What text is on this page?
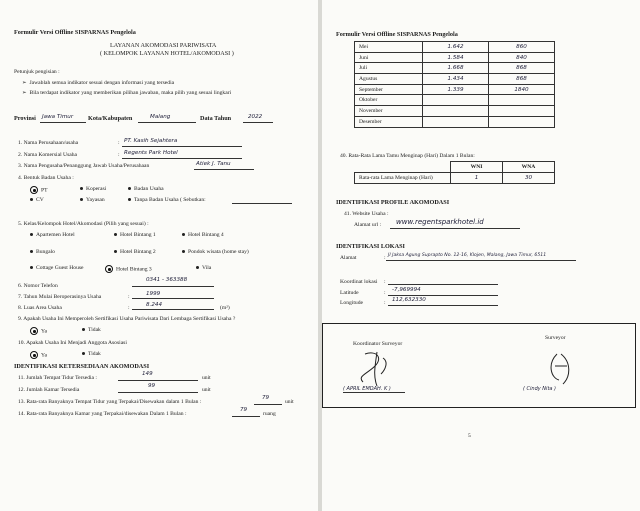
Formulir Versi Offline SISPARNAS Pengelola
LAYANAN AKOMODASI PARIWISATA
( KELOMPOK LAYANAN HOTEL/AKOMODASI )
Petunjuk pengisian :
➢  Jawablah semua indikator sesuai dengan informasi yang tersedia
➢  Bila terdapat indikator yang memberikan pilihan jawaban, maka pilih yang sesuai lingkari
Provinsi Jawa Timur Kota/Kabupaten	Malang	Data Tahun	2022
1. Nama Perusahaan/usaha	: PT. Kasih Sejahtera
2. Nama Komersial Usaha	: Regents Park Hotel
3. Nama Pengusaha/Penanggung Jawab Usaha/Perusahaan	Atiek J. Tanu
4. Bentuk Badan Usaha :
PT	Koperasi	Badan Usaha
CV	Yayasan	Tanpa Badan Usaha ( Sebutkan:
5. Kelas/Kelompok Hotel/Akomodasi (Pilih yang sesuai) :
Apartemen Hotel	Hotel Bintang 1	Hotel Bintang 4
Bungalo	Hotel Bintang 2	Pondok wisata (home stay)
Cottage Guest House	Hotel Bintang 3	Vila
6. Nomor Telefon
0341 - 363388
7. Tahun Mulai Beroperasinya Usaha	:	1999
8. Luas Area Usaha	:	8.244	(m²)
9. Apakah Usaha Ini Memperoleh Sertifikasi Usaha Pariwisata Dari Lembaga Sertifikasi Usaha ?
Ya	Tidak
10. Apakah Usaha Ini Menjadi Anggota Asosiasi
Ya	Tidak
IDENTIFIKASI KETERSEDIAAN AKOMODASI
11. Jumlah Tempat Tidur Tersedia :
149
unit
12. Jumlah Kamar Tersedia
99
unit
13. Rata-rata Banyaknya Tempat Tidur yang Terpakai/Disewakan dalam 1 Bulan :
79
unit
14. Rata-rata Banyaknya Kamar yang Terpakai/disewakan Dalam 1 Bulan :
79
ruang
Formulir Versi Offline SISPARNAS Pengelola
Mei	1.642	860
Juni	1.584	840
Juli	1.668	868
Agustus	1.434	868
September	1.339	1840
Oktober		
November		
Desember		
40. Rata-Rata Lama Tamu Menginap (Hari) Dalam 1 Bulan:
	WNI	WNA
Rata-rata Lama Menginap (Hari)	1	30
IDENTIFIKASI PROFILE AKOMODASI
41. Website Usaha :
Alamat url : www.regentsparkhotel.id
IDENTIFIKASI LOKASI
Alamat	: Jl Jaksa Agung Suprapto No. 12-16, Klojen, Malang, Jawa Timur, 6511
Koordinat lokasi :
Latitude	: -7,969994
Longitude	: 112,632330
Koordinator Surveyor
Surveyor
( APRIL EMDAH. K )	( Cindy Nita )
5
